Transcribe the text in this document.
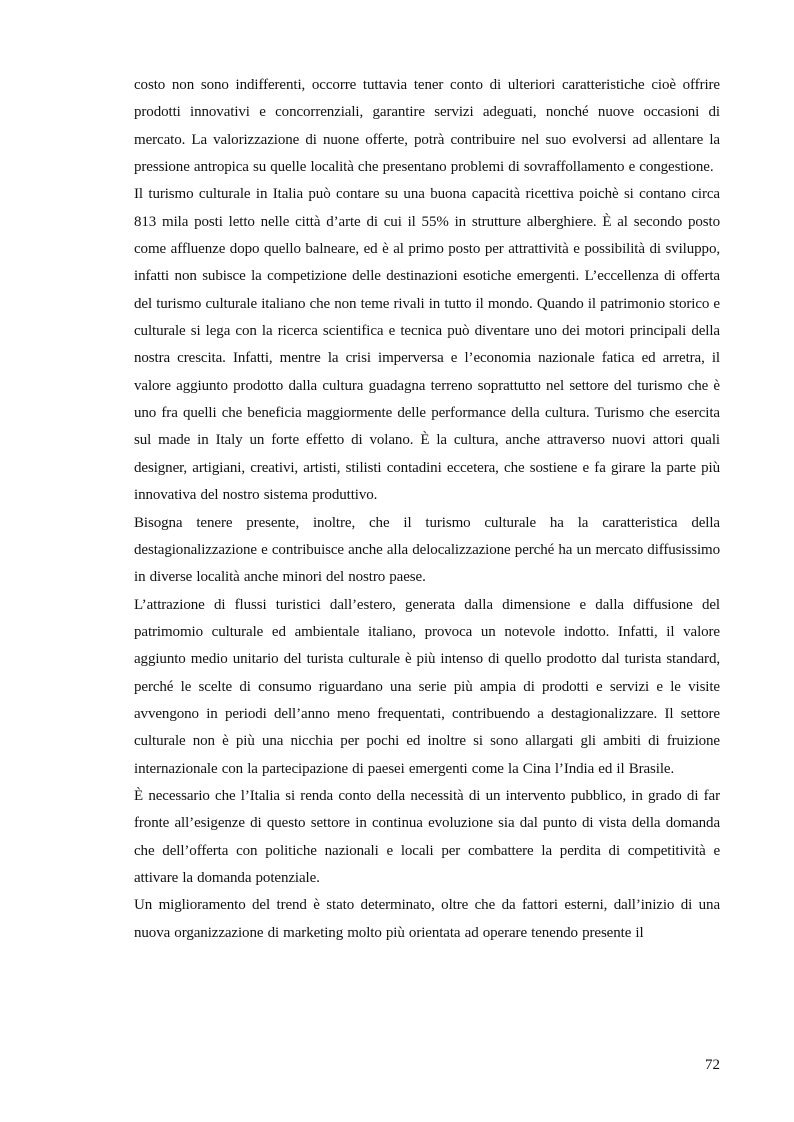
costo non sono indifferenti, occorre tuttavia tener conto di ulteriori caratteristiche cioè offrire prodotti innovativi e concorrenziali, garantire servizi adeguati, nonché nuove occasioni di mercato. La valorizzazione di nuone offerte, potrà contribuire nel suo evolversi ad allentare la pressione antropica su quelle località che presentano problemi di sovraffollamento e congestione.

Il turismo culturale in Italia può contare su una buona capacità ricettiva poichè si contano circa 813 mila posti letto nelle città d’arte di cui il 55% in strutture alberghiere. È al secondo posto come affluenze dopo quello balneare, ed è al primo posto per attrattività e possibilità di sviluppo, infatti non subisce la competizione delle destinazioni esotiche emergenti. L’eccellenza di offerta del turismo culturale italiano che non teme rivali in tutto il mondo. Quando il patrimonio storico e culturale si lega con la ricerca scientifica e tecnica può diventare uno dei motori principali della nostra crescita. Infatti, mentre la crisi imperversa e l’economia nazionale fatica ed arretra, il valore aggiunto prodotto dalla cultura guadagna terreno soprattutto nel settore del turismo che è uno fra quelli che beneficia maggiormente delle performance della cultura. Turismo che esercita sul made in Italy un forte effetto di volano. È la cultura, anche attraverso nuovi attori quali designer, artigiani, creativi, artisti, stilisti contadini eccetera, che sostiene e fa girare la parte più innovativa del nostro sistema produttivo.

Bisogna tenere presente, inoltre, che il turismo culturale ha la caratteristica della destagionalizzazione e contribuisce anche alla delocalizzazione perché ha un mercato diffusissimo in diverse località anche minori del nostro paese.

L’attrazione di flussi turistici dall’estero, generata dalla dimensione e dalla diffusione del patrimomio culturale ed ambientale italiano, provoca un notevole indotto. Infatti, il valore aggiunto medio unitario del turista culturale è più intenso di quello prodotto dal turista standard, perché le scelte di consumo riguardano una serie più ampia di prodotti e servizi e le visite avvengono in periodi dell’anno meno frequentati, contribuendo a destagionalizzare. Il settore culturale non è più una nicchia per pochi ed inoltre si sono allargati gli ambiti di fruizione internazionale con la partecipazione di paesei emergenti come la Cina l’India ed il Brasile.

È necessario che l’Italia si renda conto della necessità di un intervento pubblico, in grado di far fronte all’esigenze di questo settore in continua evoluzione sia dal punto di vista della domanda che dell’offerta con politiche nazionali e locali per combattere la perdita di competitività e attivare la domanda potenziale.

Un miglioramento del trend è stato determinato, oltre che da fattori esterni, dall’inizio di una nuova organizzazione di marketing molto più orientata ad operare tenendo presente il

72
